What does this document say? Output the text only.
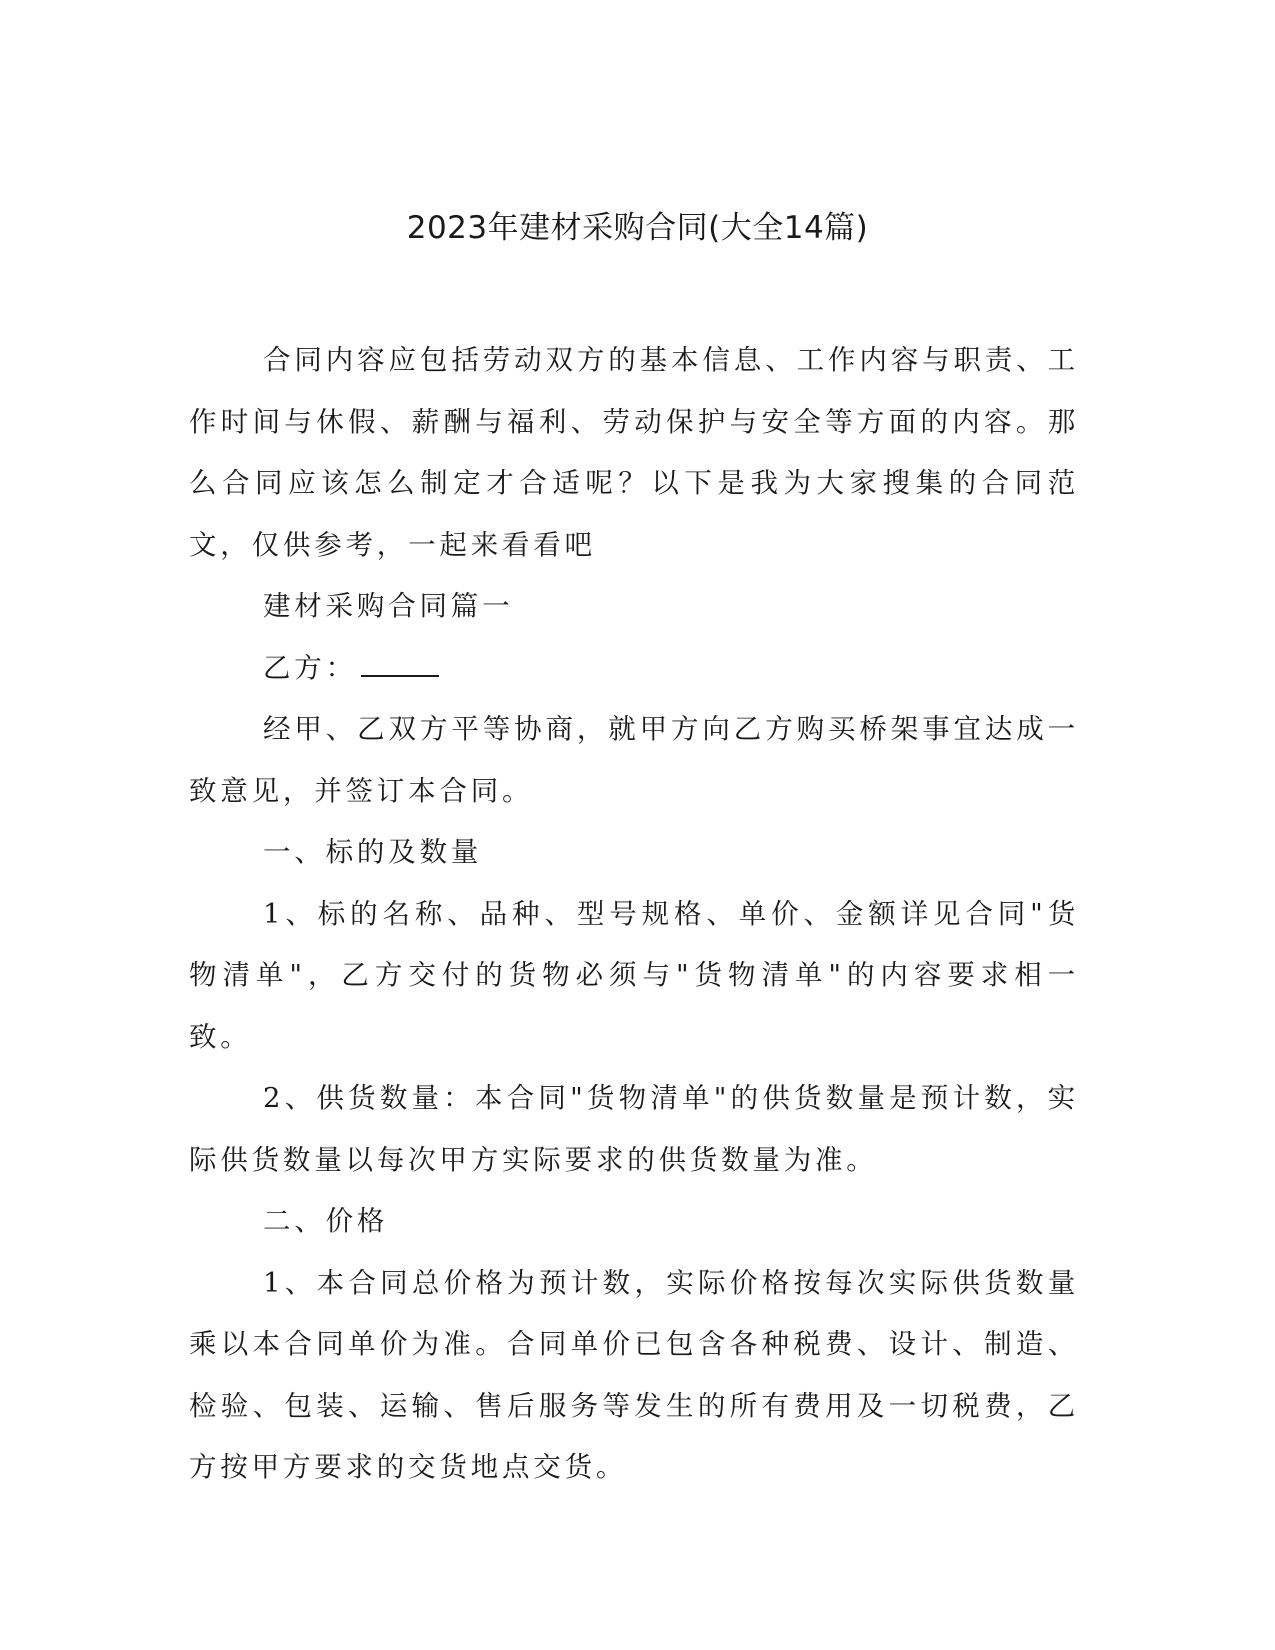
2023年建材采购合同(大全14篇)

合同内容应包括劳动双方的基本信息、工作内容与职责、工作时间与休假、薪酬与福利、劳动保护与安全等方面的内容。那么合同应该怎么制定才合适呢？以下是我为大家搜集的合同范文，仅供参考，一起来看看吧

建材采购合同篇一

乙方：

经甲、乙双方平等协商，就甲方向乙方购买桥架事宜达成一致意见，并签订本合同。

一、标的及数量

1、标的名称、品种、型号规格、单价、金额详见合同"货物清单"，乙方交付的货物必须与"货物清单"的内容要求相一致。

2、供货数量：本合同"货物清单"的供货数量是预计数，实际供货数量以每次甲方实际要求的供货数量为准。

二、价格

1、本合同总价格为预计数，实际价格按每次实际供货数量乘以本合同单价为准。合同单价已包含各种税费、设计、制造、检验、包装、运输、售后服务等发生的所有费用及一切税费，乙方按甲方要求的交货地点交货。
